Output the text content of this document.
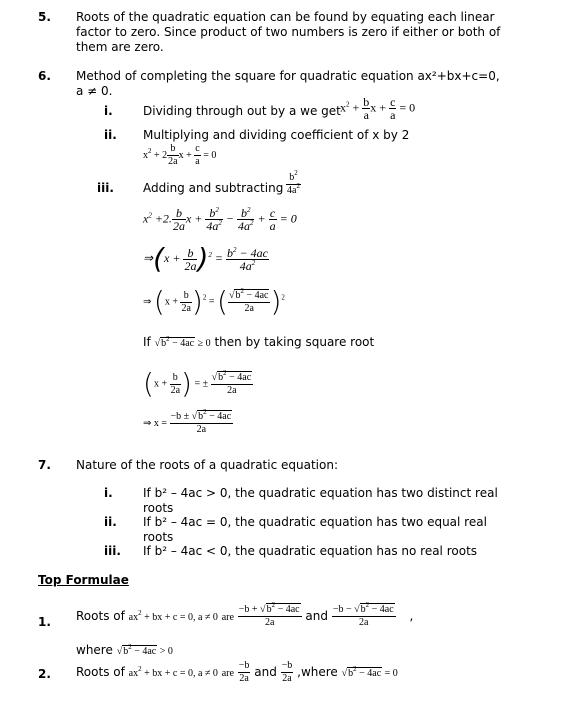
5. Roots of the quadratic equation can be found by equating each linear
factor to zero. Since product of two numbers is zero if either or both of
them are zero.
6. Method of completing the square for quadratic equation ax²+bx+c=0,
a ≠ 0.
i.	Dividing through out by a we get $x^2 + \frac{b}{a}$ $x + \frac{c}{a} = 0$
ii. Multiplying and dividing coefficient of x by 2
$x^2 + 2 \frac{b}{2a}$ $x + \frac{c}{a} = 0$
iii. Adding and subtracting $\frac{b^2}{4a^2}$
$x^2 +2$. $\frac{b}{2a}$ $x + \frac{b^2}{4a^2} - \frac{b^2}{4a^2} + \frac{c}{a} = 0$
⇒(x + $\frac{b}{2a} )^2 = \frac{b^2 - 4ac}{4a^2}$
⇒ $(x + \frac{b}{2a} )^2$ = ( $\frac{√b^2 - 4ac}{2a} )^2$
If $√b^2 - 4ac \ge 0$ then by taking square root
($x + \frac{b}{2a}$ ) = ± $\frac{√b^2 - 4ac}{2a}$
⇒ $x = \frac{-b \pm √b^2 - 4ac}{2a}$
7. Nature of the roots of a quadratic equation:
i.	If b² – 4ac > 0, the quadratic equation has two distinct real
roots
ii. If b² – 4ac = 0, the quadratic equation has two equal real
roots
iii. If b² – 4ac < 0, the quadratic equation has no real roots
Top Formulae
1. Roots of $ax^2$ + bx + c = 0, a ≠ 0 are $\frac{-b + √b^2 - 4ac}{2a}$ and $\frac{-b - √b^2 - 4ac}{2a}$ ,
where $√b^2 - 4ac > 0$
2. Roots of $ax^2$ + bx + c = 0, a ≠ 0 are $\frac{-b}{2a}$ and $\frac{-b}{2a}$ ,where $√b^2 - 4ac = 0$
